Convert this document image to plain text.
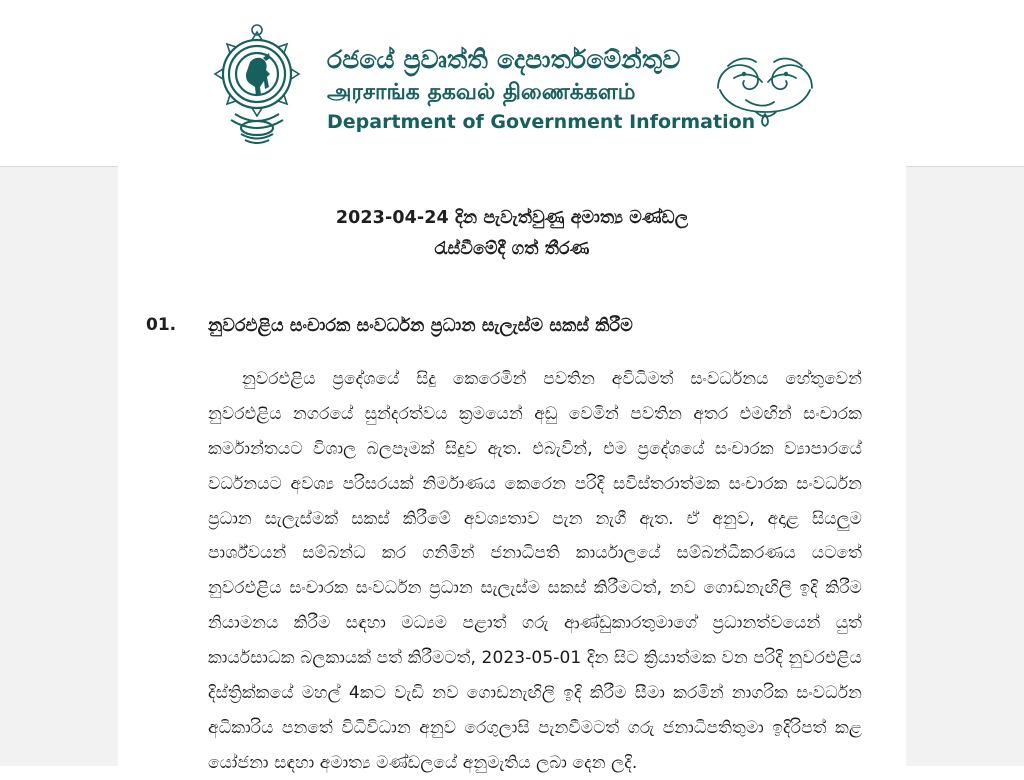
රජයේ ප්‍රවෘත්ති දෙපාර්තමේන්තුව
அரசாங்க தகவல் திணைக்களம்
Department of Government Information
2023-04-24 දින පැවැත්වුණු අමාත්‍ය මණ්ඩල
රැස්වීමේදී ගත් තීරණ
01.	නුවරඑළිය සංචාරක සංවර්ධන ප්‍රධාන සැලැස්ම සකස් කිරීම

නුවරඑළිය ප්‍රදේශයේ සිදු කෙරෙමින් පවතින අවිධිමත් සංවර්ධනය හේතුවෙන් නුවරඑළිය නගරයේ සුන්දරත්වය ක්‍රමයෙන් අඩු වෙමින් පවතින අතර එමඟින් සංචාරක කර්මාන්තයට විශාල බලපෑමක් සිදුව ඇත. එබැවින්, එම ප්‍රදේශයේ සංචාරක ව්‍යාපාරයේ වර්ධනයට අවශ්‍ය පරිසරයක් නිර්මාණය කෙරෙන පරිදි සවිස්තරාත්මක සංචාරක සංවර්ධන ප්‍රධාන සැලැස්මක් සකස් කිරීමේ අවශ්‍යතාව පැන නැගී ඇත. ඒ අනුව, අදාළ සියලුම පාර්ශ්වයන් සම්බන්ධ කර ගනිමින් ජනාධිපති කාර්යාලයේ සම්බන්ධීකරණය යටතේ නුවරඑළිය සංචාරක සංවර්ධන ප්‍රධාන සැලැස්ම සකස් කිරීමටත්, නව ගොඩනැඟිලි ඉදි කිරීම නියාමනය කිරීම සඳහා මධ්‍යම පළාත් ගරු ආණ්ඩුකාරතුමාගේ ප්‍රධානත්වයෙන් යුත් කාර්යසාධක බලකායක් පත් කිරීමටත්, 2023-05-01 දින සිට ක්‍රියාත්මක වන පරිදි නුවරඑළිය දිස්ත්‍රික්කයේ මහල් 4කට වැඩි නව ගොඩනැඟිලි ඉදි කිරීම සීමා කරමින් නාගරික සංවර්ධන අධිකාරිය පනතේ විධිවිධාන අනුව රෙගුලාසි පැනවීමටත් ගරු ජනාධිපතිතුමා ඉදිරිපත් කළ යෝජනා සඳහා අමාත්‍ය මණ්ඩලයේ අනුමැතිය ලබා දෙන ලදි.
